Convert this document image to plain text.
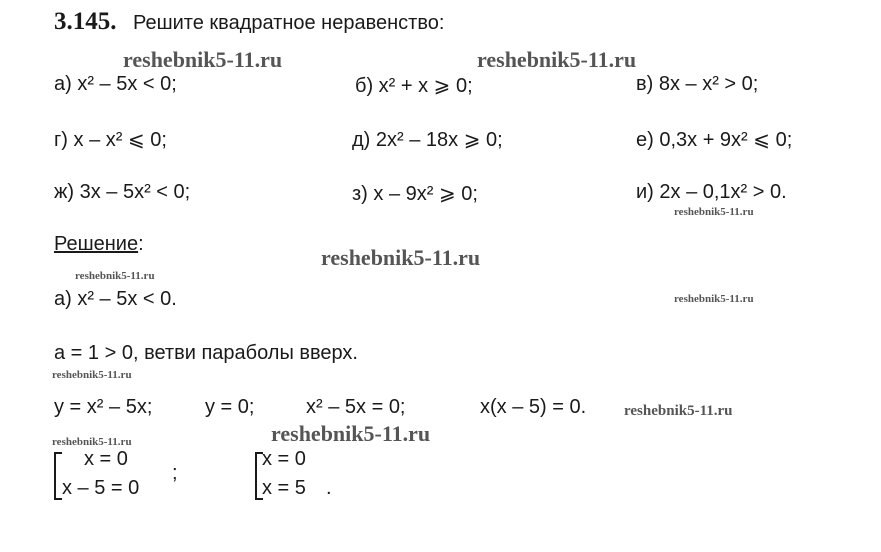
3.145. Решите квадратное неравенство:
reshebnik5-11.ru	reshebnik5-11.ru
а) x² – 5x < 0;	б) x² + x ⩾ 0;	в) 8x – x² > 0;
г) x – x² ⩽ 0;	д) 2x² – 18x ⩾ 0;	е) 0,3x + 9x² ⩽ 0;
ж) 3x – 5x² < 0;	з) x – 9x² ⩾ 0;	и) 2x – 0,1x² > 0.
reshebnik5-11.ru
Решение:
reshebnik5-11.ru
reshebnik5-11.ru
а) x² – 5x < 0.	reshebnik5-11.ru
a = 1 > 0, ветви параболы вверх.
reshebnik5-11.ru
y = x² – 5x;	y = 0;	x² – 5x = 0;	x(x – 5) = 0.	reshebnik5-11.ru
reshebnik5-11.ru	reshebnik5-11.ru
x = 0
x – 5 = 0
;
x = 0
x = 5 .
